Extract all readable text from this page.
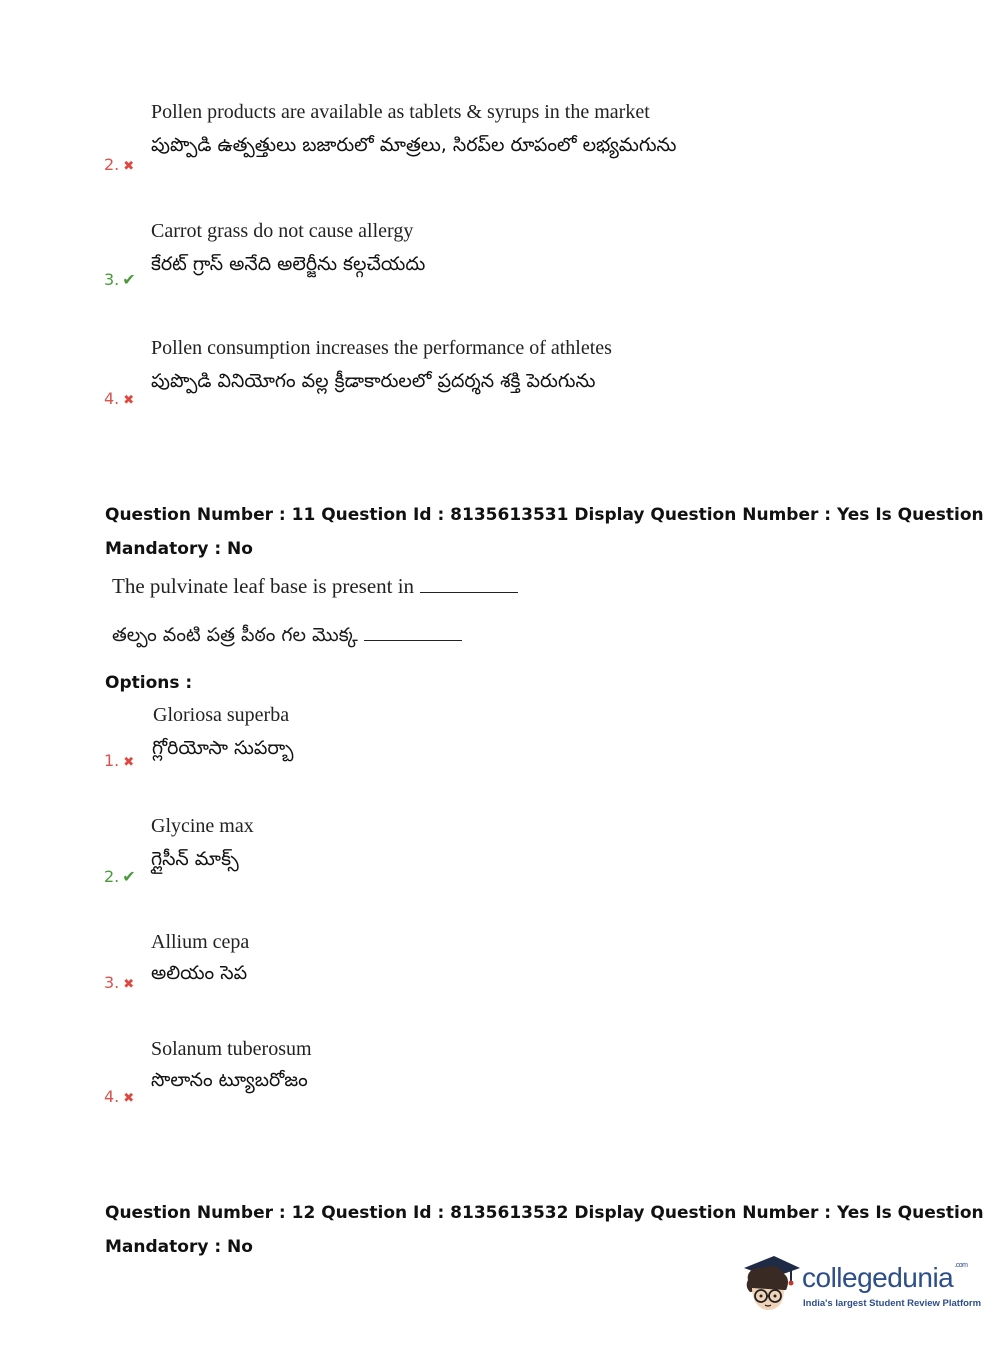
Pollen products are available as tablets & syrups in the market
పుప్పొడి ఉత్పత్తులు బజారులో మాత్రలు, సిరప్‌ల రూపంలో లభ్యమగును
2. ✖
Carrot grass do not cause allergy
కేరట్ గ్రాస్ అనేది అలెర్జీను కల్గచేయదు
3. ✔
Pollen consumption increases the performance of athletes
పుప్పొడి వినియోగం వల్ల క్రీడాకారులలో ప్రదర్శన శక్తి పెరుగును
4. ✖
Question Number : 11 Question Id : 8135613531 Display Question Number : Yes Is Question
Mandatory : No
The pulvinate leaf base is present in
తల్పం వంటి పత్ర పీఠం గల మొక్క
Options :
Gloriosa superba
గ్లోరియోసా సుపర్బా
1. ✖
Glycine max
గ్లైసీన్ మాక్స్
2. ✔
Allium cepa
అలియం సెప
3. ✖
Solanum tuberosum
సొలానం ట్యూబరోజం
4. ✖
Question Number : 12 Question Id : 8135613532 Display Question Number : Yes Is Question
Mandatory : No
collegedunia$^{.com}$
India's largest Student Review Platform
